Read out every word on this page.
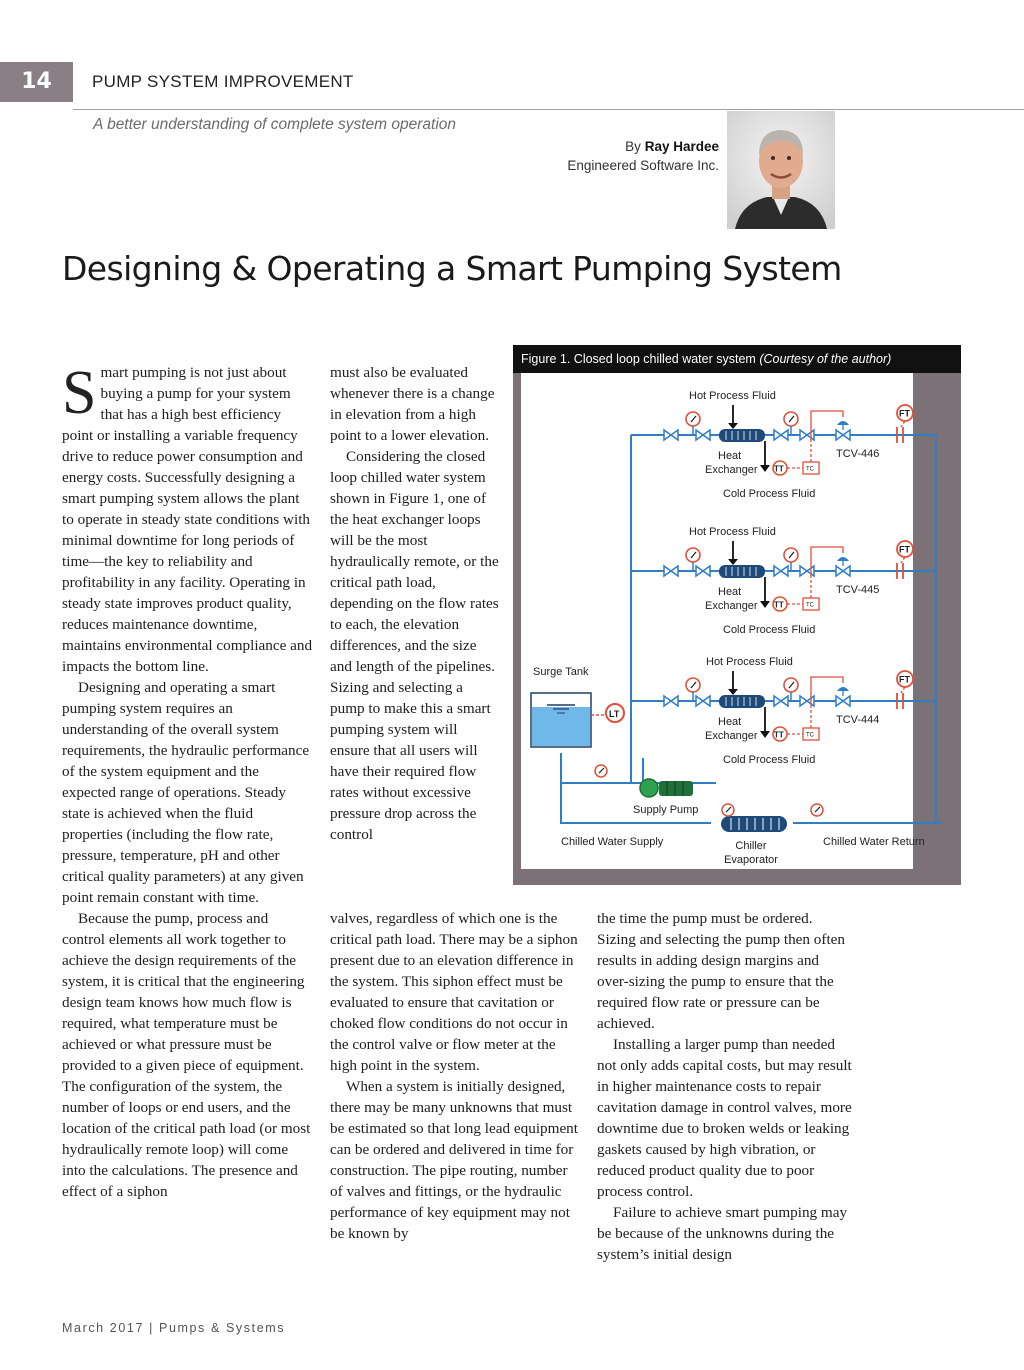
14	PUMP SYSTEM IMPROVEMENT
A better understanding of complete system operation
By Ray Hardee
Engineered Software Inc.
Designing & Operating a Smart Pumping System

Smart pumping is not just about buying a pump for your system that has a high best efficiency point or installing a variable frequency drive to reduce power consumption and energy costs. Successfully designing a smart pumping system allows the plant to operate in steady state conditions with minimal downtime for long periods of time—the key to reliability and profitability in any facility. Operating in steady state improves product quality, reduces maintenance downtime, maintains environmental compliance and impacts the bottom line.

Designing and operating a smart pumping system requires an understanding of the overall system requirements, the hydraulic performance of the system equipment and the expected range of operations. Steady state is achieved when the fluid properties (including the flow rate, pressure, temperature, pH and other critical quality parameters) at any given point remain constant with time.

Because the pump, process and control elements all work together to achieve the design requirements of the system, it is critical that the engineering design team knows how much flow is required, what temperature must be achieved or what pressure must be provided to a given piece of equipment. The configuration of the system, the number of loops or end users, and the location of the critical path load (or most hydraulically remote loop) will come into the calculations. The presence and effect of a siphon

must also be evaluated whenever there is a change in elevation from a high point to a lower elevation.

Considering the closed loop chilled water system shown in Figure 1, one of the heat exchanger loops will be the most hydraulically remote, or the critical path load, depending on the flow rates to each, the elevation differences, and the size and length of the pipelines. Sizing and selecting a pump to make this a smart pumping system will ensure that all users will have their required flow rates without excessive pressure drop across the control

valves, regardless of which one is the critical path load. There may be a siphon present due to an elevation difference in the system. This siphon effect must be evaluated to ensure that cavitation or choked flow conditions do not occur in the control valve or flow meter at the high point in the system.

When a system is initially designed, there may be many unknowns that must be estimated so that long lead equipment can be ordered and delivered in time for construction. The pipe routing, number of valves and fittings, or the hydraulic performance of key equipment may not be known by

the time the pump must be ordered. Sizing and selecting the pump then often results in adding design margins and over-sizing the pump to ensure that the required flow rate or pressure can be achieved.

Installing a larger pump than needed not only adds capital costs, but may result in higher maintenance costs to repair cavitation damage in control valves, more downtime due to broken welds or leaking gaskets caused by high vibration, or reduced product quality due to poor process control.

Failure to achieve smart pumping may be because of the unknowns during the system’s initial design

Figure 1. Closed loop chilled water system (Courtesy of the author)
Surge Tank
LT
Supply Pump
Chiller
Evaporator
Chilled Water Supply	Chilled Water Return
Hot Process Fluid
Heat
Exchanger
Cold Process Fluid
TT	TC
TCV-446
FT
Hot Process Fluid
Heat
Exchanger
Cold Process Fluid
TT	TC
TCV-445
FT
Hot Process Fluid
Heat
Exchanger
Cold Process Fluid
TT	TC
TCV-444
FT
March 2017 | Pumps & Systems
